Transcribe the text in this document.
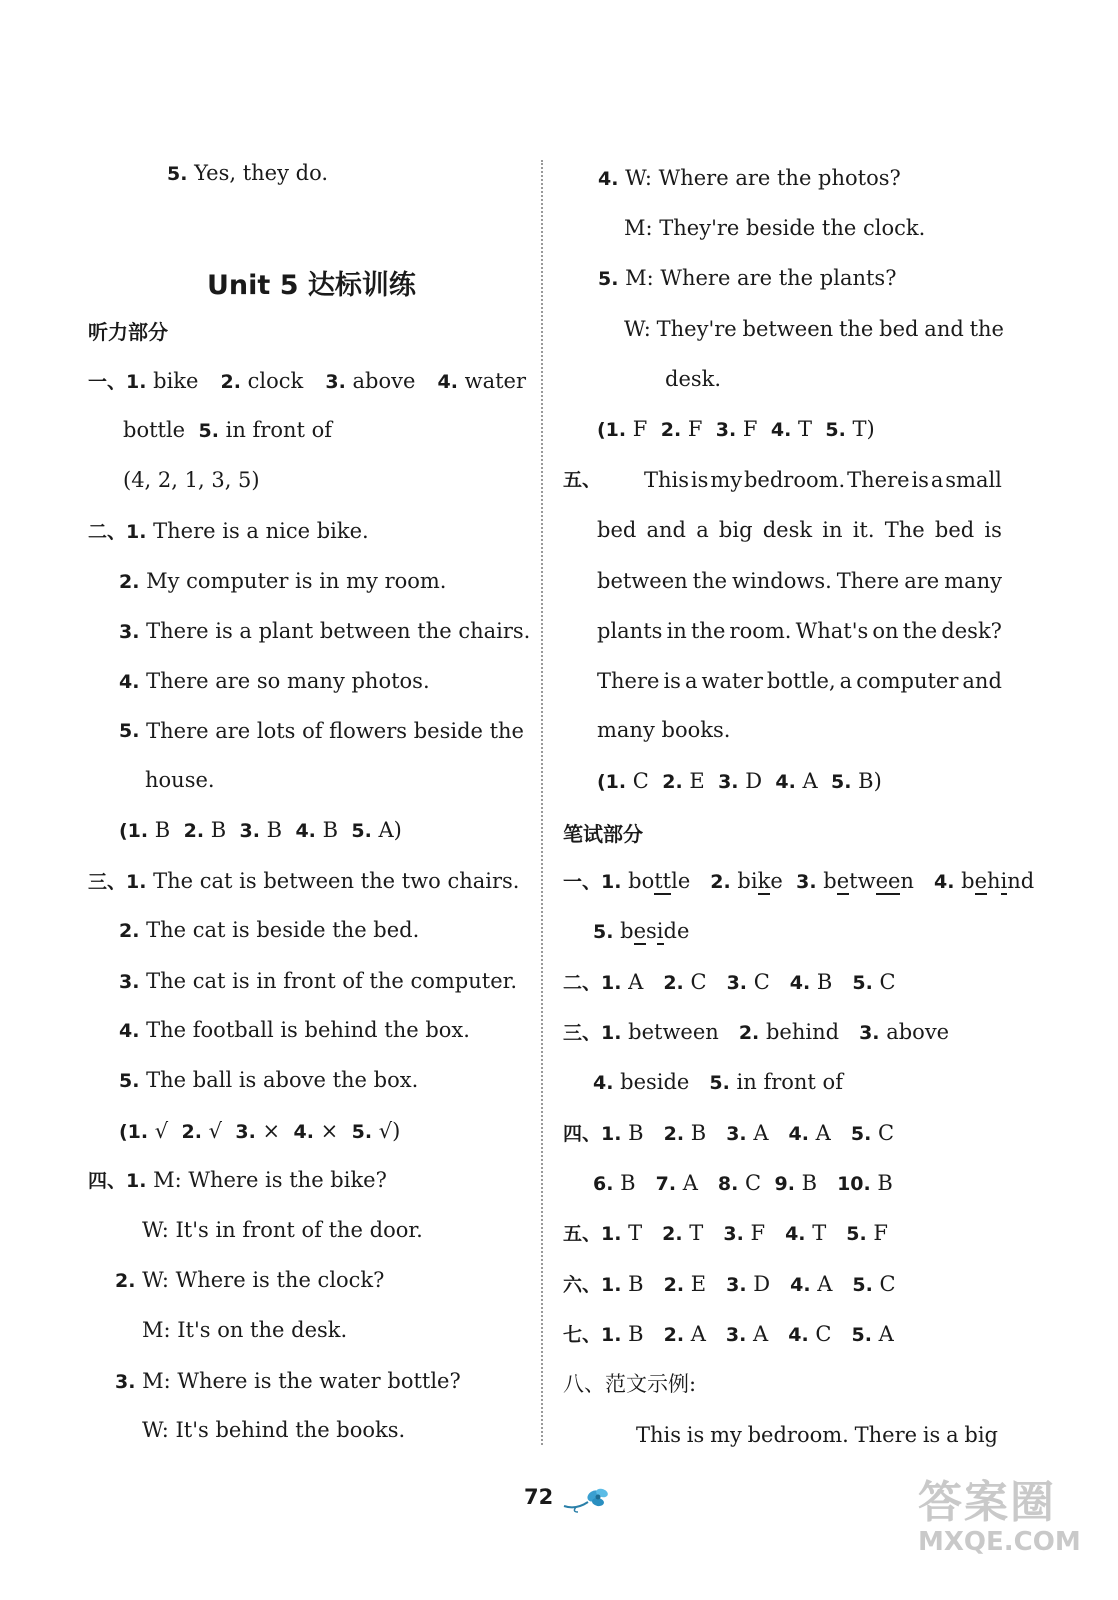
5. Yes, they do.
Unit 5 达标训练
听力部分
一、1. bike 2. clock 3. above 4. water
bottle 5. in front of
(4, 2, 1, 3, 5)
二、1. There is a nice bike.
2. My computer is in my room.
3. There is a plant between the chairs.
4. There are so many photos.
5. There are lots of flowers beside the
house.
(1. B 2. B 3. B 4. B 5. A)
三、1. The cat is between the two chairs.
2. The cat is beside the bed.
3. The cat is in front of the computer.
4. The football is behind the box.
5. The ball is above the box.
(1. √ 2. √ 3. × 4. × 5. √)
四、1. M: Where is the bike?
W: It's in front of the door.
2. W: Where is the clock?
M: It's on the desk.
3. M: Where is the water bottle?
W: It's behind the books.
4. W: Where are the photos?
M: They're beside the clock.
5. M: Where are the plants?
W: They're between the bed and the
desk.
(1. F 2. F 3. F 4. T 5. T)
五、 This is my bedroom. There is a small
bed and a big desk in it. The bed is
between the windows. There are many
plants in the room. What's on the desk?
There is a water bottle, a computer and
many books.
(1. C 2. E 3. D 4. A 5. B)
笔试部分
一、1. bottle 2. bike 3. between 4. behind
5. beside
二、1. A 2. C 3. C 4. B 5. C
三、1. between 2. behind 3. above
4. beside 5. in front of
四、1. B 2. B 3. A 4. A 5. C
6. B 7. A 8. C 9. B 10. B
五、1. T 2. T 3. F 4. T 5. F
六、1. B 2. E 3. D 4. A 5. C
七、1. B 2. A 3. A 4. C 5. A
八、范文示例:
This is my bedroom. There is a big
72	答案圈
MXQE.COM
